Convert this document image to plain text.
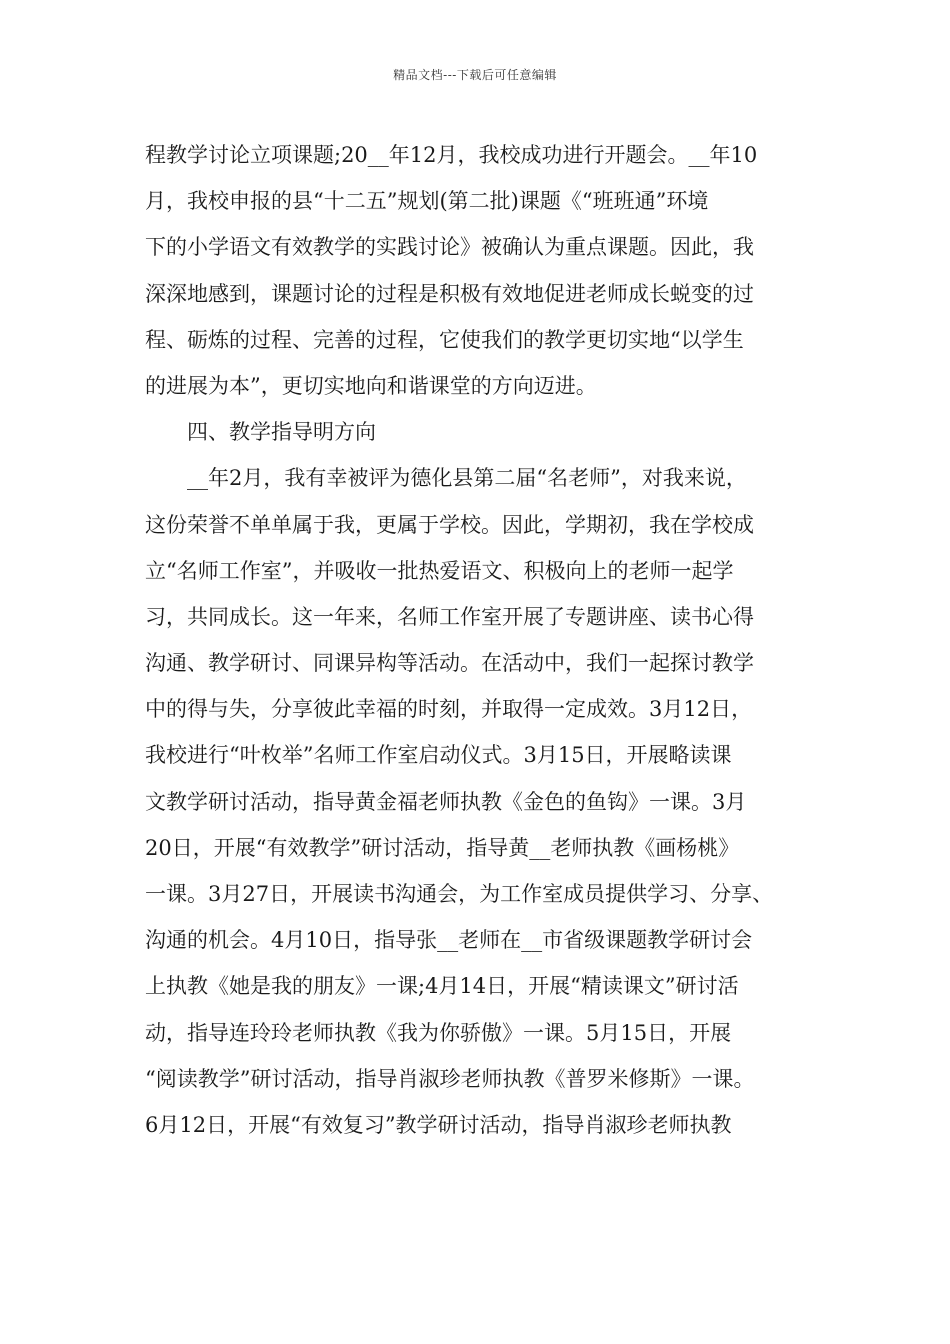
精品文档---下载后可任意编辑
程教学讨论立项课题;20__年12月，我校成功进行开题会。__年10
月，我校申报的县“十二五”规划(第二批)课题《“班班通”环境
下的小学语文有效教学的实践讨论》被确认为重点课题。因此，我
深深地感到，课题讨论的过程是积极有效地促进老师成长蜕变的过
程、砺炼的过程、完善的过程，它使我们的教学更切实地“以学生
的进展为本”，更切实地向和谐课堂的方向迈进。
四、教学指导明方向
__年2月，我有幸被评为德化县第二届“名老师”，对我来说，
这份荣誉不单单属于我，更属于学校。因此，学期初，我在学校成
立“名师工作室”，并吸收一批热爱语文、积极向上的老师一起学
习，共同成长。这一年来，名师工作室开展了专题讲座、读书心得
沟通、教学研讨、同课异构等活动。在活动中，我们一起探讨教学
中的得与失，分享彼此幸福的时刻，并取得一定成效。3月12日，
我校进行“叶枚举”名师工作室启动仪式。3月15日，开展略读课
文教学研讨活动，指导黄金福老师执教《金色的鱼钩》一课。3月
20日，开展“有效教学”研讨活动，指导黄__老师执教《画杨桃》
一课。3月27日，开展读书沟通会，为工作室成员提供学习、分享、
沟通的机会。4月10日，指导张__老师在__市省级课题教学研讨会
上执教《她是我的朋友》一课;4月14日，开展“精读课文”研讨活
动，指导连玲玲老师执教《我为你骄傲》一课。5月15日，开展
“阅读教学”研讨活动，指导肖淑珍老师执教《普罗米修斯》一课。
6月12日，开展“有效复习”教学研讨活动，指导肖淑珍老师执教
